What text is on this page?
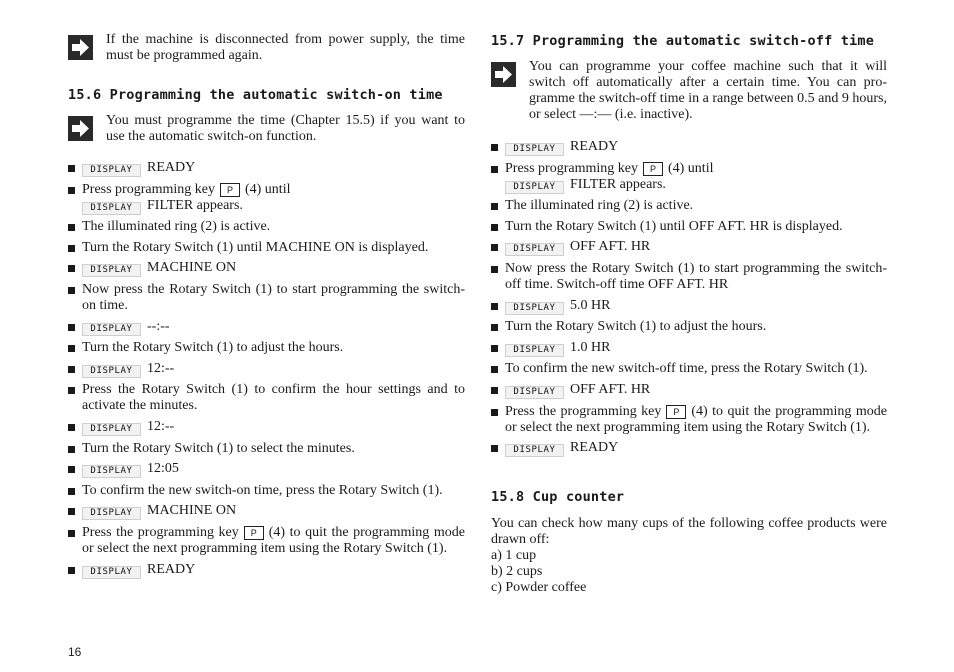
If the machine is disconnected from power supply, the time must be programmed again.

15.6 Programming the automatic switch-on time

You must programme the time (Chapter 15.5) if you want to use the automatic switch-on function.

DISPLAY READY
Press programming key P (4) until
DISPLAY FILTER appears.
The illuminated ring (2) is active.
Turn the Rotary Switch (1) until MACHINE ON is displayed.
DISPLAY MACHINE ON
Now press the Rotary Switch (1) to start programming the switch-on time.
DISPLAY --:--
Turn the Rotary Switch (1) to adjust the hours.
DISPLAY 12:--
Press the Rotary Switch (1) to confirm the hour settings and to activate the minutes.
DISPLAY 12:--
Turn the Rotary Switch (1) to select the minutes.
DISPLAY 12:05
To confirm the new switch-on time, press the Rotary Switch (1).
DISPLAY MACHINE ON
Press the programming key P (4) to quit the programming mode or select the next programming item using the Rotary Switch (1).
DISPLAY READY
15.7 Programming the automatic switch-off time

You can programme your coffee machine such that it will switch off automatically after a certain time. You can pro-gramme the switch-off time in a range between 0.5 and 9 hours, or select —:— (i.e. inactive).

DISPLAY READY
Press programming key P (4) until
DISPLAY FILTER appears.
The illuminated ring (2) is active.
Turn the Rotary Switch (1) until OFF AFT. HR is displayed.
DISPLAY OFF AFT. HR
Now press the Rotary Switch (1) to start programming the switch-off time. Switch-off time OFF AFT. HR
DISPLAY 5.0 HR
Turn the Rotary Switch (1) to adjust the hours.
DISPLAY 1.0 HR
To confirm the new switch-off time, press the Rotary Switch (1).
DISPLAY OFF AFT. HR
Press the programming key P (4) to quit the programming mode or select the next programming item using the Rotary Switch (1).
DISPLAY READY
15.8 Cup counter

You can check how many cups of the following coffee products were drawn off:

a) 1 cup
b) 2 cups
c) Powder coffee
16
